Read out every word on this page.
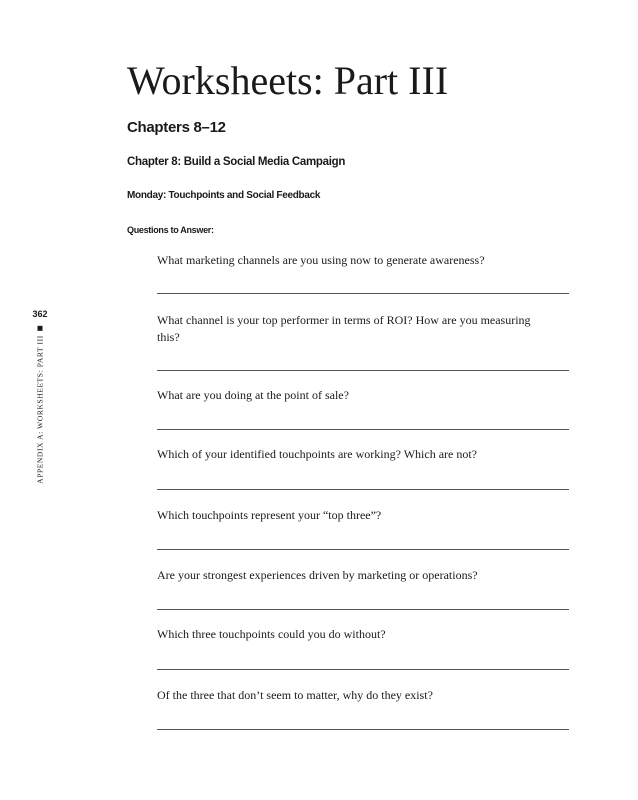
362
APPENDIX A: WORKSHEETS: PART III
Worksheets: Part III
Chapters 8–12
Chapter 8: Build a Social Media Campaign
Monday: Touchpoints and Social Feedback
Questions to Answer:

What marketing channels are you using now to generate awareness?

What channel is your top performer in terms of ROI? How are you measuring this?

What are you doing at the point of sale?

Which of your identified touchpoints are working? Which are not?

Which touchpoints represent your “top three”?

Are your strongest experiences driven by marketing or operations?

Which three touchpoints could you do without?

Of the three that don’t seem to matter, why do they exist?
